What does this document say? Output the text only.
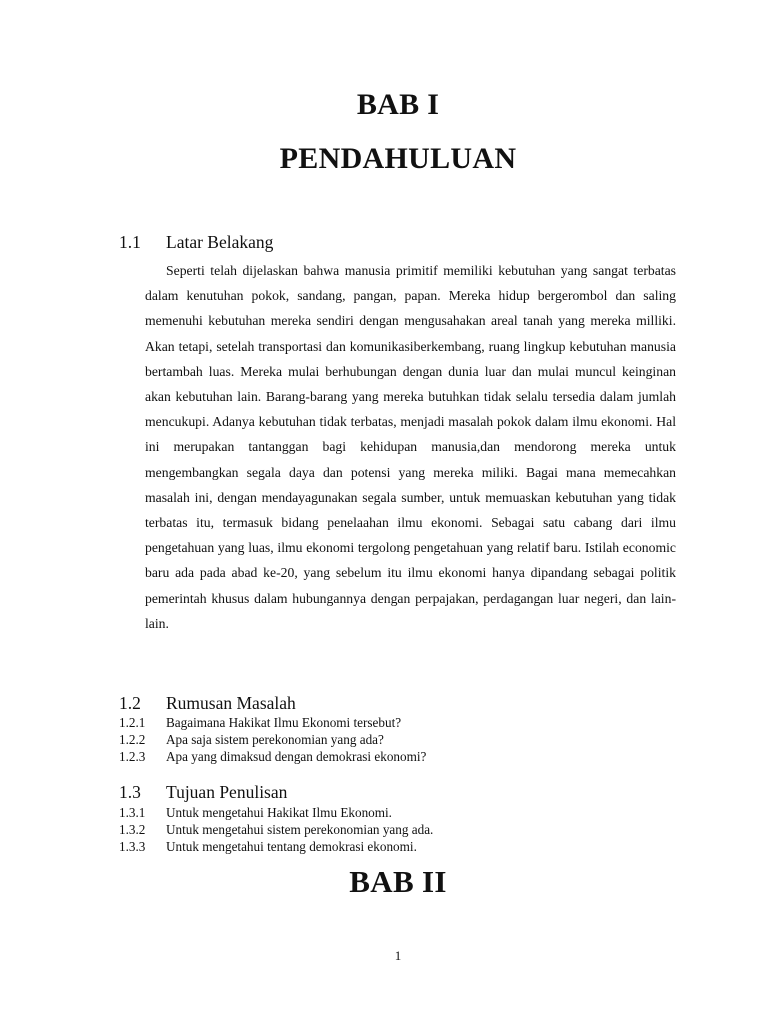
BAB I
PENDAHULUAN
1.1 Latar Belakang

Seperti telah dijelaskan bahwa manusia primitif memiliki kebutuhan yang sangat terbatas dalam kenutuhan pokok, sandang, pangan, papan. Mereka hidup bergerombol dan saling memenuhi kebutuhan mereka sendiri dengan mengusahakan areal tanah yang mereka milliki. Akan tetapi, setelah transportasi dan komunikasiberkembang, ruang lingkup kebutuhan manusia bertambah luas. Mereka mulai berhubungan dengan dunia luar dan mulai muncul keinginan akan kebutuhan lain. Barang-barang yang mereka butuhkan tidak selalu tersedia dalam jumlah mencukupi. Adanya kebutuhan tidak terbatas, menjadi masalah pokok dalam ilmu ekonomi. Hal ini merupakan tantanggan bagi kehidupan manusia,dan mendorong mereka untuk mengembangkan segala daya dan potensi yang mereka miliki. Bagai mana memecahkan masalah ini, dengan mendayagunakan segala sumber, untuk memuaskan kebutuhan yang tidak terbatas itu, termasuk bidang penelaahan ilmu ekonomi. Sebagai satu cabang dari ilmu pengetahuan yang luas, ilmu ekonomi tergolong pengetahuan yang relatif baru. Istilah economic baru ada pada abad ke-20, yang sebelum itu ilmu ekonomi hanya dipandang sebagai politik pemerintah khusus dalam hubungannya dengan perpajakan, perdagangan luar negeri, dan lain-lain.

1.2 Rumusan Masalah
1.2.1 Bagaimana Hakikat Ilmu Ekonomi tersebut?
1.2.2 Apa saja sistem perekonomian yang ada?
1.2.3 Apa yang dimaksud dengan demokrasi ekonomi?
1.3 Tujuan Penulisan
1.3.1 Untuk mengetahui Hakikat Ilmu Ekonomi.
1.3.2 Untuk mengetahui sistem perekonomian yang ada.
1.3.3 Untuk mengetahui tentang demokrasi ekonomi.
BAB II

1
